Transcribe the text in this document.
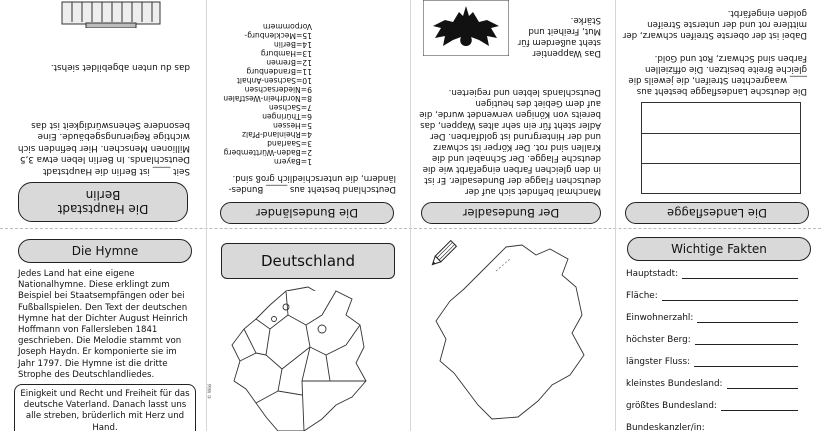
Die Hauptstadt
Berlin
Seit ____ ist Berlin die Hauptstadt Deutschlands. In Berlin leben etwa 3,5 Millionen Menschen. Hier befinden sich wichtige Regierungsgebäude. Eine besondere Sehenswürdigkeit ist das
das du unten abgebildet siehst.
Die Bundesländer
Deutschland besteht aus _____ Bundes-ländern, die unterschiedlich groß sind.
1=Bayern
2=Baden-Württemberg
3=Saarland
4=Rheinland-Pfalz
5=Hessen
6=Thüringen
7=Sachsen
8=Nordrhein-Westfalen
9=Niedersachsen
10=Sachsen-Anhalt
11=Brandenburg
12=Bremen
13=Hamburg
14=Berlin
15=Mecklenburg-Vorpommern
Der Bundesadler
Manchmal befindet sich auf der deutschen Flagge der Bundesadler. Er ist in den gleichen Farben eingefärbt wie die deutsche Flagge. Der Schnabel und die Krallen sind rot. Der Körper ist schwarz und der Hintergrund ist goldfarben. Der Adler steht für ein sehr altes Wappen, das bereits von Königen verwendet wurde, die auf dem Gebiet des heutigen Deutschlands lebten und regierten.
Das Wappentier steht außerdem für Mut, Freiheit und Stärke.
Die Landesflagge
Die deutsche Landesflagge besteht aus ____ waagrechten Streifen, die jeweils die gleiche Breite besitzen. Die offiziellen Farben sind Schwarz, Rot und Gold.
Dabei ist der oberste Streifen schwarz, der mittlere rot und der unterste Streifen golden eingefärbt.
Die Hymne
Jedes Land hat eine eigene Nationalhymne. Diese erklingt zum Beispiel bei Staatsempfängen oder bei Fußballspielen. Den Text der deutschen Hymne hat der Dichter August Heinrich Hoffmann von Fallersleben 1841 geschrieben. Die Melodie stammt von Joseph Haydn. Er komponierte sie im Jahr 1797. Die Hymne ist die dritte Strophe des Deutschlandliedes.
Einigkeit und Recht und Freiheit für das deutsche Vaterland. Danach lasst uns alle streben, brüderlich mit Herz und Hand.
Deutschland
© Wiki
Wichtige Fakten
Hauptstadt:
Fläche:
Einwohnerzahl:
höchster Berg:
längster Fluss:
kleinstes Bundesland:
größtes Bundesland:
Bundeskanzler/in:
